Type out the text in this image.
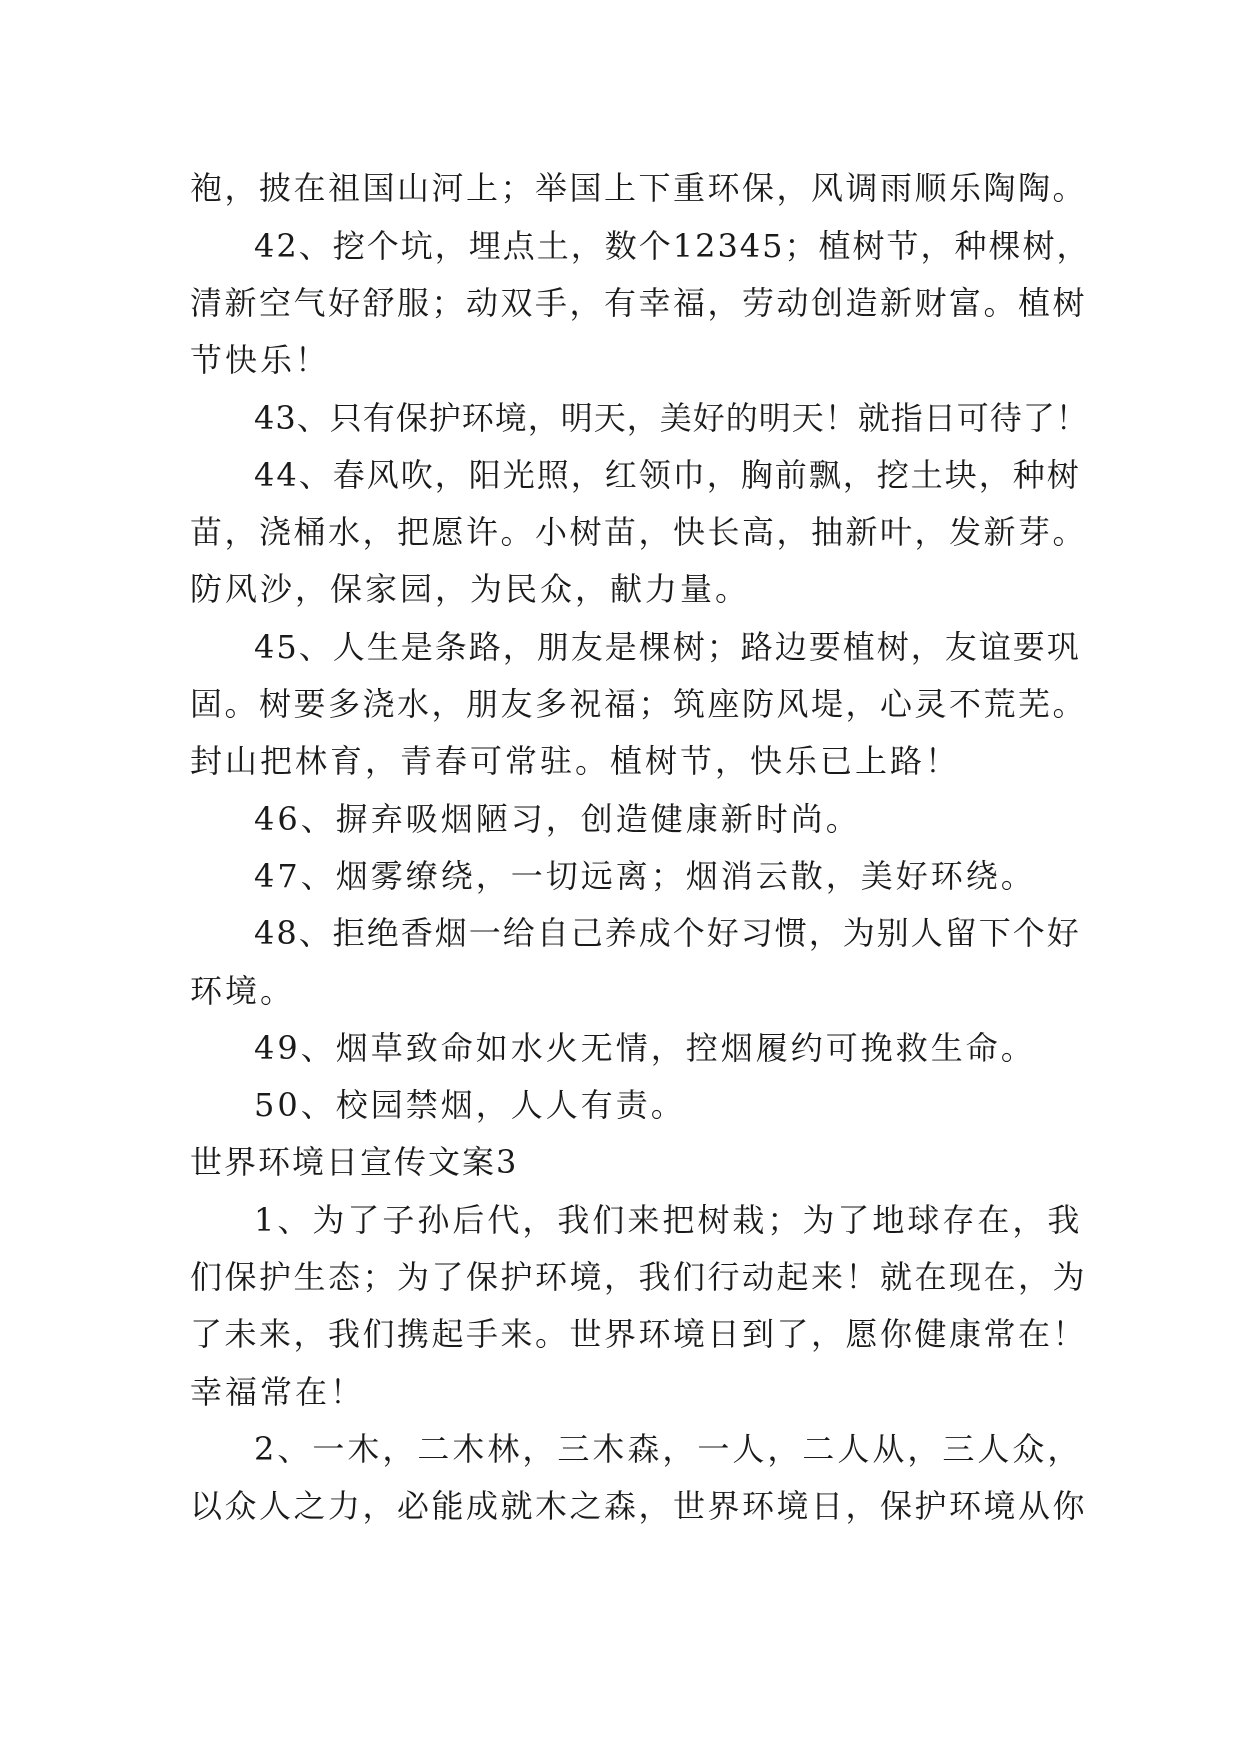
袍，披在祖国山河上；举国上下重环保，风调雨顺乐陶陶。
42、挖个坑，埋点土，数个12345；植树节，种棵树，
清新空气好舒服；动双手，有幸福，劳动创造新财富。植树
节快乐！
43、只有保护环境，明天，美好的明天！就指日可待了！
44、春风吹，阳光照，红领巾，胸前飘，挖土块，种树
苗，浇桶水，把愿许。小树苗，快长高，抽新叶，发新芽。
防风沙，保家园，为民众，献力量。
45、人生是条路，朋友是棵树；路边要植树，友谊要巩
固。树要多浇水，朋友多祝福；筑座防风堤，心灵不荒芜。
封山把林育，青春可常驻。植树节，快乐已上路！
46、摒弃吸烟陋习，创造健康新时尚。
47、烟雾缭绕，一切远离；烟消云散，美好环绕。
48、拒绝香烟一给自己养成个好习惯，为别人留下个好
环境。
49、烟草致命如水火无情，控烟履约可挽救生命。
50、校园禁烟，人人有责。
世界环境日宣传文案3
1、为了子孙后代，我们来把树栽；为了地球存在，我
们保护生态；为了保护环境，我们行动起来！就在现在，为
了未来，我们携起手来。世界环境日到了，愿你健康常在！
幸福常在！
2、一木，二木林，三木森，一人，二人从，三人众，
以众人之力，必能成就木之森，世界环境日，保护环境从你
